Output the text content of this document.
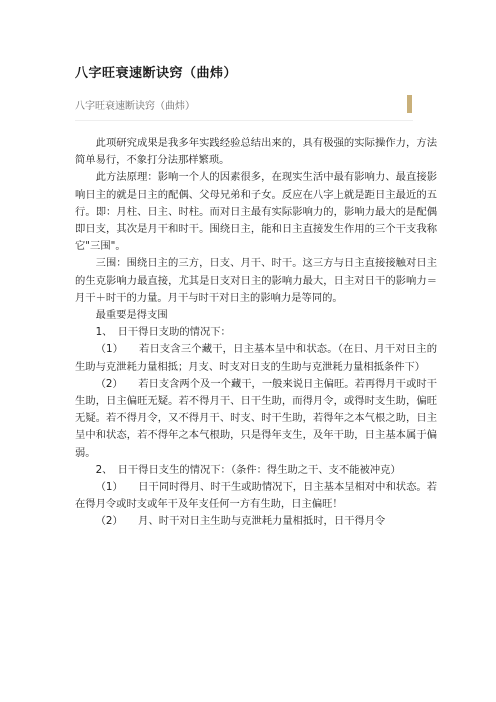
八字旺衰速断诀窍（曲炜）
八字旺衰速断诀窍（曲炜）

此项研究成果是我多年实践经验总结出来的，具有极强的实际操作力，方法简单易行，不象打分法那样繁琐。

此方法原理：影响一个人的因素很多，在现实生活中最有影响力、最直接影响日主的就是日主的配偶、父母兄弟和子女。反应在八字上就是距日主最近的五行。即：月柱、日主、时柱。而对日主最有实际影响力的，影响力最大的是配偶即日支，其次是月干和时干。围绕日主，能和日主直接发生作用的三个干支我称它"三围"。

三围：围绕日主的三方，日支、月干、时干。这三方与日主直接接触对日主的生克影响力最直接，尤其是日支对日主的影响力最大，日主对日干的影响力＝月干＋时干的力量。月干与时干对日主的影响力是等同的。

最重要是得支围

1、　日干得日支助的情况下：

（1）　　若日支含三个藏干，日主基本呈中和状态。（在日、月干对日主的生助与克泄耗力量相抵；月支、时支对日支的生助与克泄耗力量相抵条件下）

（2）　　若日支含两个及一个藏干，一般来说日主偏旺。若再得月干或时干生助，日主偏旺无疑。若不得月干、日干生助，而得月令，或得时支生助，偏旺无疑。若不得月令，又不得月干、时支、时干生助，若得年之本气根之助，日主呈中和状态，若不得年之本气根助，只是得年支生，及年干助，日主基本属于偏弱。

2、　日干得日支生的情况下：（条件：得生助之干、支不能被冲克）

（1）　　日干同时得月、时干生或助情况下，日主基本呈相对中和状态。若在得月令或时支或年干及年支任何一方有生助，日主偏旺！

（2）　　月、时干对日主生助与克泄耗力量相抵时，日干得月令
